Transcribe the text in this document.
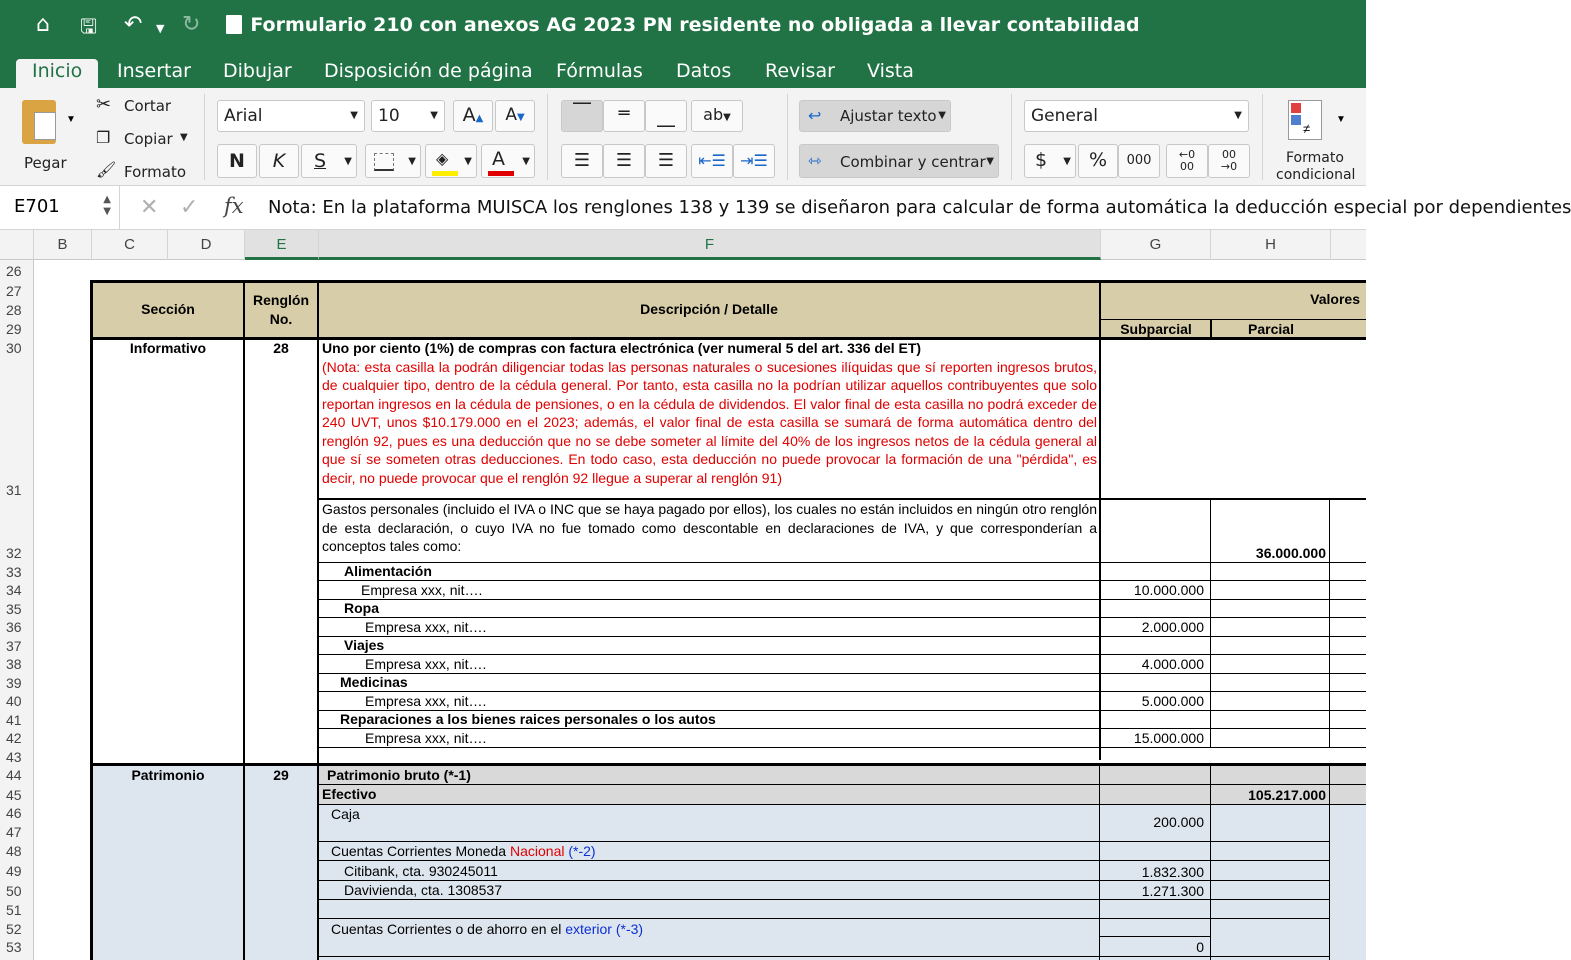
⌂ 🖫 ↶ ▼ ↻	Formulario 210 con anexos AG 2023 PN residente no obligada a llevar contabilidad
Inicio	Insertar Dibujar Disposición de página Fórmulas Datos Revisar Vista
▼
Pegar
✂ Cortar
❐ Copiar ▼
🖌 Formato
Arial	▼	10	▼	A▲	A▼
N	K	S ▼	▼ ◈ ▼ A ▼
⎺	═	⎽	ab▼
☰	☰	☰	⇤☰ ⇥☰
↩ Ajustar texto ▼
⇿ Combinar y centrar ▼
General	▼
$ ▼ %	000	←0
00
00
→0
≠
▼
Formato
condicional
E701	▲
▼ ✕ ✓ fx Nota: En la plataforma MUISCA los renglones 138 y 139 se diseñaron para calcular de forma automática la deducción especial por dependientes
B	C	D	E	F	G	H
26
27
28
29
30
31
32
33
34
35
36
37
38
39
40
41
42
43
44
45
46
47
48
49
50
51
52
53
Sección
Renglón
No.
Descripción / Detalle
Valores
Subparcial	Parcial
Informativo	28	Uno por ciento (1%) de compras con factura electrónica (ver numeral 5 del art. 336 del ET)
(Nota: esta casilla la podrán diligenciar todas las personas naturales o sucesiones ilíquidas que sí reporten ingresos brutos, de cualquier tipo, dentro de la cédula general. Por tanto, esta casilla no la podrían utilizar aquellos contribuyentes que solo reportan ingresos en la cédula de pensiones, o en la cédula de dividendos. El valor final de esta casilla no podrá exceder de 240 UVT, unos $10.179.000 en el 2023; además, el valor final de esta casilla se sumará de forma automática dentro del renglón 92, pues es una deducción que no se debe someter al límite del 40% de los ingresos netos de la cédula general al que sí se someten otras deducciones. En todo caso, esta deducción no puede provocar la formación de una "pérdida", es decir, no puede provocar que el renglón 92 llegue a superar al renglón 91)
Gastos personales (incluido el IVA o INC que se haya pagado por ellos), los cuales no están incluidos en ningún otro renglón de esta declaración, o cuyo IVA no fue tomado como descontable en declaraciones de IVA, y que corresponderían a conceptos tales como:	36.000.000
Alimentación
Empresa xxx, nit….	10.000.000
Ropa
Empresa xxx, nit….	2.000.000
Viajes
Empresa xxx, nit….	4.000.000
Medicinas
Empresa xxx, nit….	5.000.000
Reparaciones a los bienes raices personales o los autos
Empresa xxx, nit….	15.000.000
Patrimonio	29	Patrimonio bruto (*-1)
Efectivo	105.217.000
Caja	200.000
Cuentas Corrientes Moneda Nacional (*-2)
Citibank, cta. 930245011	1.832.300
Davivienda, cta. 1308537	1.271.300
Cuentas Corrientes o de ahorro en el exterior (*-3)
0
